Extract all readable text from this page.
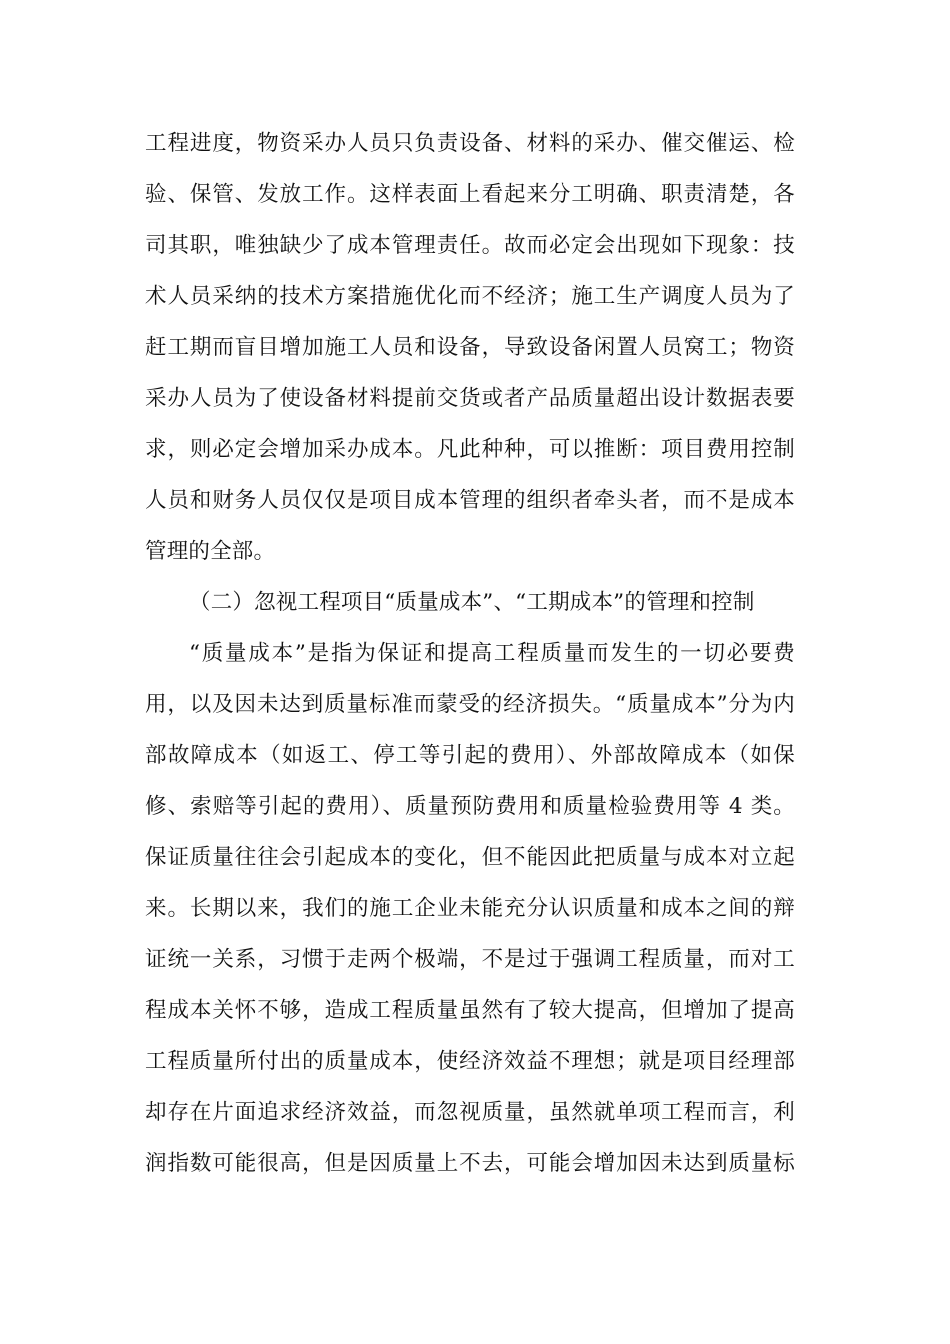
工程进度，物资采办人员只负责设备、材料的采办、催交催运、检
验、保管、发放工作。这样表面上看起来分工明确、职责清楚，各
司其职，唯独缺少了成本管理责任。故而必定会出现如下现象：技
术人员采纳的技术方案措施优化而不经济；施工生产调度人员为了
赶工期而盲目增加施工人员和设备，导致设备闲置人员窝工；物资
采办人员为了使设备材料提前交货或者产品质量超出设计数据表要
求，则必定会增加采办成本。凡此种种，可以推断：项目费用控制
人员和财务人员仅仅是项目成本管理的组织者牵头者，而不是成本
管理的全部。
（二）忽视工程项目“质量成本”、“工期成本”的管理和控制
“质量成本”是指为保证和提高工程质量而发生的一切必要费
用，以及因未达到质量标准而蒙受的经济损失。“质量成本”分为内
部故障成本（如返工、停工等引起的费用）、外部故障成本（如保
修、索赔等引起的费用）、质量预防费用和质量检验费用等 4 类。
保证质量往往会引起成本的变化，但不能因此把质量与成本对立起
来。长期以来，我们的施工企业未能充分认识质量和成本之间的辩
证统一关系，习惯于走两个极端，不是过于强调工程质量，而对工
程成本关怀不够，造成工程质量虽然有了较大提高，但增加了提高
工程质量所付出的质量成本，使经济效益不理想；就是项目经理部
却存在片面追求经济效益，而忽视质量，虽然就单项工程而言，利
润指数可能很高，但是因质量上不去，可能会增加因未达到质量标
